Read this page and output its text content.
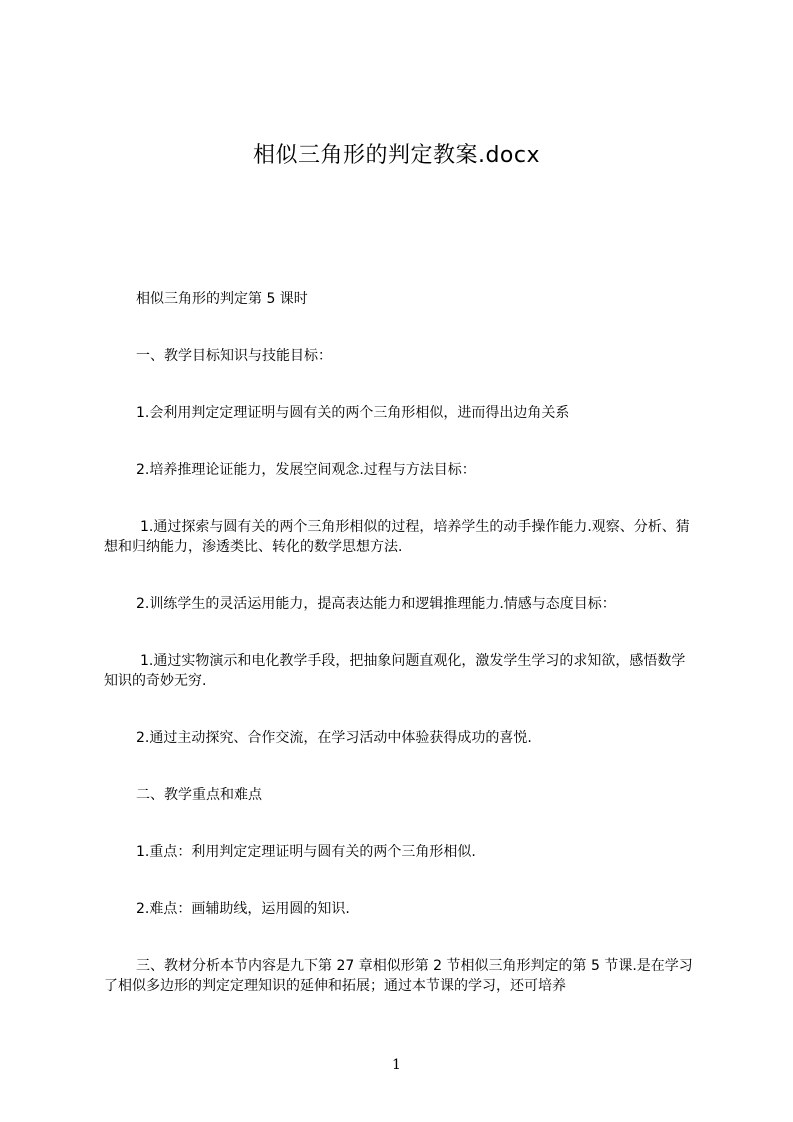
相似三角形的判定教案.docx

相似三角形的判定第 5 课时

一、教学目标知识与技能目标：

1.会利用判定定理证明与圆有关的两个三角形相似，进而得出边角关系

2.培养推理论证能力，发展空间观念.过程与方法目标：

1.通过探索与圆有关的两个三角形相似的过程，培养学生的动手操作能力.观察、分析、猜想和归纳能力，渗透类比、转化的数学思想方法.

2.训练学生的灵活运用能力，提高表达能力和逻辑推理能力.情感与态度目标：

1.通过实物演示和电化教学手段，把抽象问题直观化，激发学生学习的求知欲，感悟数学知识的奇妙无穷.

2.通过主动探究、合作交流，在学习活动中体验获得成功的喜悦.

二、教学重点和难点

1.重点：利用判定定理证明与圆有关的两个三角形相似.

2.难点：画辅助线，运用圆的知识.

三、教材分析本节内容是九下第 27 章相似形第 2 节相似三角形判定的第 5 节课.是在学习了相似多边形的判定定理知识的延伸和拓展；通过本节课的学习，还可培养

1
